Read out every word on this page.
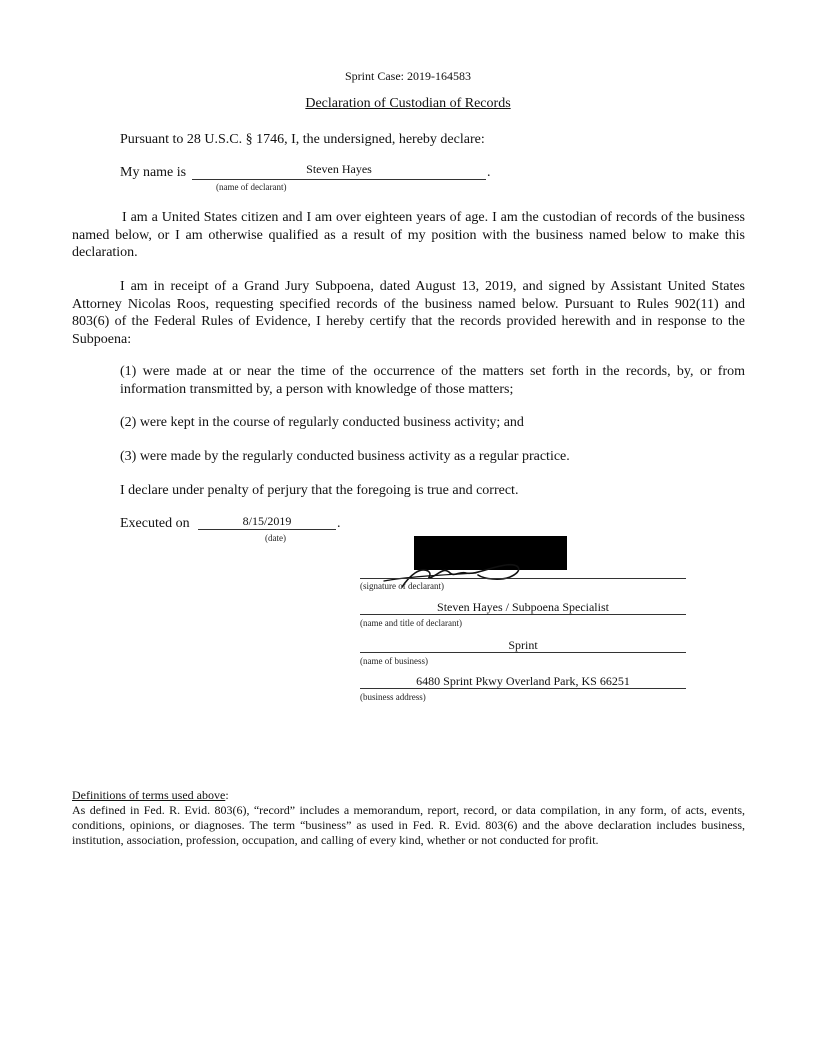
Sprint Case: 2019-164583
Declaration of Custodian of Records
Pursuant to 28 U.S.C. § 1746, I, the undersigned, hereby declare:
My name is	Steven Hayes	.
(name of declarant)
I am a United States citizen and I am over eighteen years of age. I am the custodian of records of the business named below, or I am otherwise qualified as a result of my position with the business named below to make this declaration.
I am in receipt of a Grand Jury Subpoena, dated August 13, 2019, and signed by Assistant United States Attorney Nicolas Roos, requesting specified records of the business named below. Pursuant to Rules 902(11) and 803(6) of the Federal Rules of Evidence, I hereby certify that the records provided herewith and in response to the Subpoena:
(1) were made at or near the time of the occurrence of the matters set forth in the records, by, or from information transmitted by, a person with knowledge of those matters;
(2) were kept in the course of regularly conducted business activity; and
(3) were made by the regularly conducted business activity as a regular practice.
I declare under penalty of perjury that the foregoing is true and correct.
Executed on	8/15/2019	.
(date)
(signature of declarant)
Steven Hayes / Subpoena Specialist
(name and title of declarant)
Sprint
(name of business)
6480 Sprint Pkwy Overland Park, KS 66251
(business address)
Definitions of terms used above:
As defined in Fed. R. Evid. 803(6), “record” includes a memorandum, report, record, or data compilation, in any form, of acts, events, conditions, opinions, or diagnoses. The term “business” as used in Fed. R. Evid. 803(6) and the above declaration includes business, institution, association, profession, occupation, and calling of every kind, whether or not conducted for profit.
